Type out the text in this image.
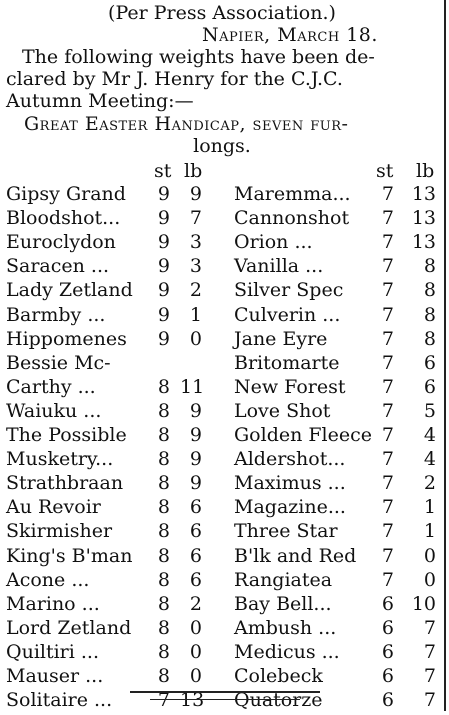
(Per Press Association.)
Napier, March 18.
The following weights have been de-
clared by Mr J. Henry for the C.J.C.
Autumn Meeting:—
Great Easter Handicap, seven fur-
longs.
st lb	st lb
Gipsy Grand 9	9 Maremma... 7 13
Bloodshot... 9	7 Cannonshot 7 13
Euroclydon 9	3 Orion ...	7 13
Saracen ...	9	3 Vanilla ...	7	8
Lady Zetland 9	2 Silver Spec 7	8
Barmby ...	9	1 Culverin ... 7	8
Hippomenes 9	0 Jane Eyre	7	8
Bessie Mc-	Britomarte 7	6
Carthy ...	8 11 New Forest 7	6
Waiuku ...	8	9 Love Shot	7	5
The Possible 8	9 Golden Fleece 7	4
Musketry... 8	9 Aldershot... 7	4
Strathbraan 8	9 Maximus ... 7	2
Au Revoir	8	6 Magazine... 7	1
Skirmisher 8	6 Three Star 7	1
King's B'man 8	6 B'lk and Red 7	0
Acone ...	8	6 Rangiatea	7	0
Marino ...	8	2 Bay Bell...	6 10
Lord Zetland 8	0 Ambush ... 6	7
Quiltiri ...	8	0 Medicus ... 6	7
Mauser ...	8	0 Colebeck	6	7
Solitaire ... 7 13 Quatorze	6	7
